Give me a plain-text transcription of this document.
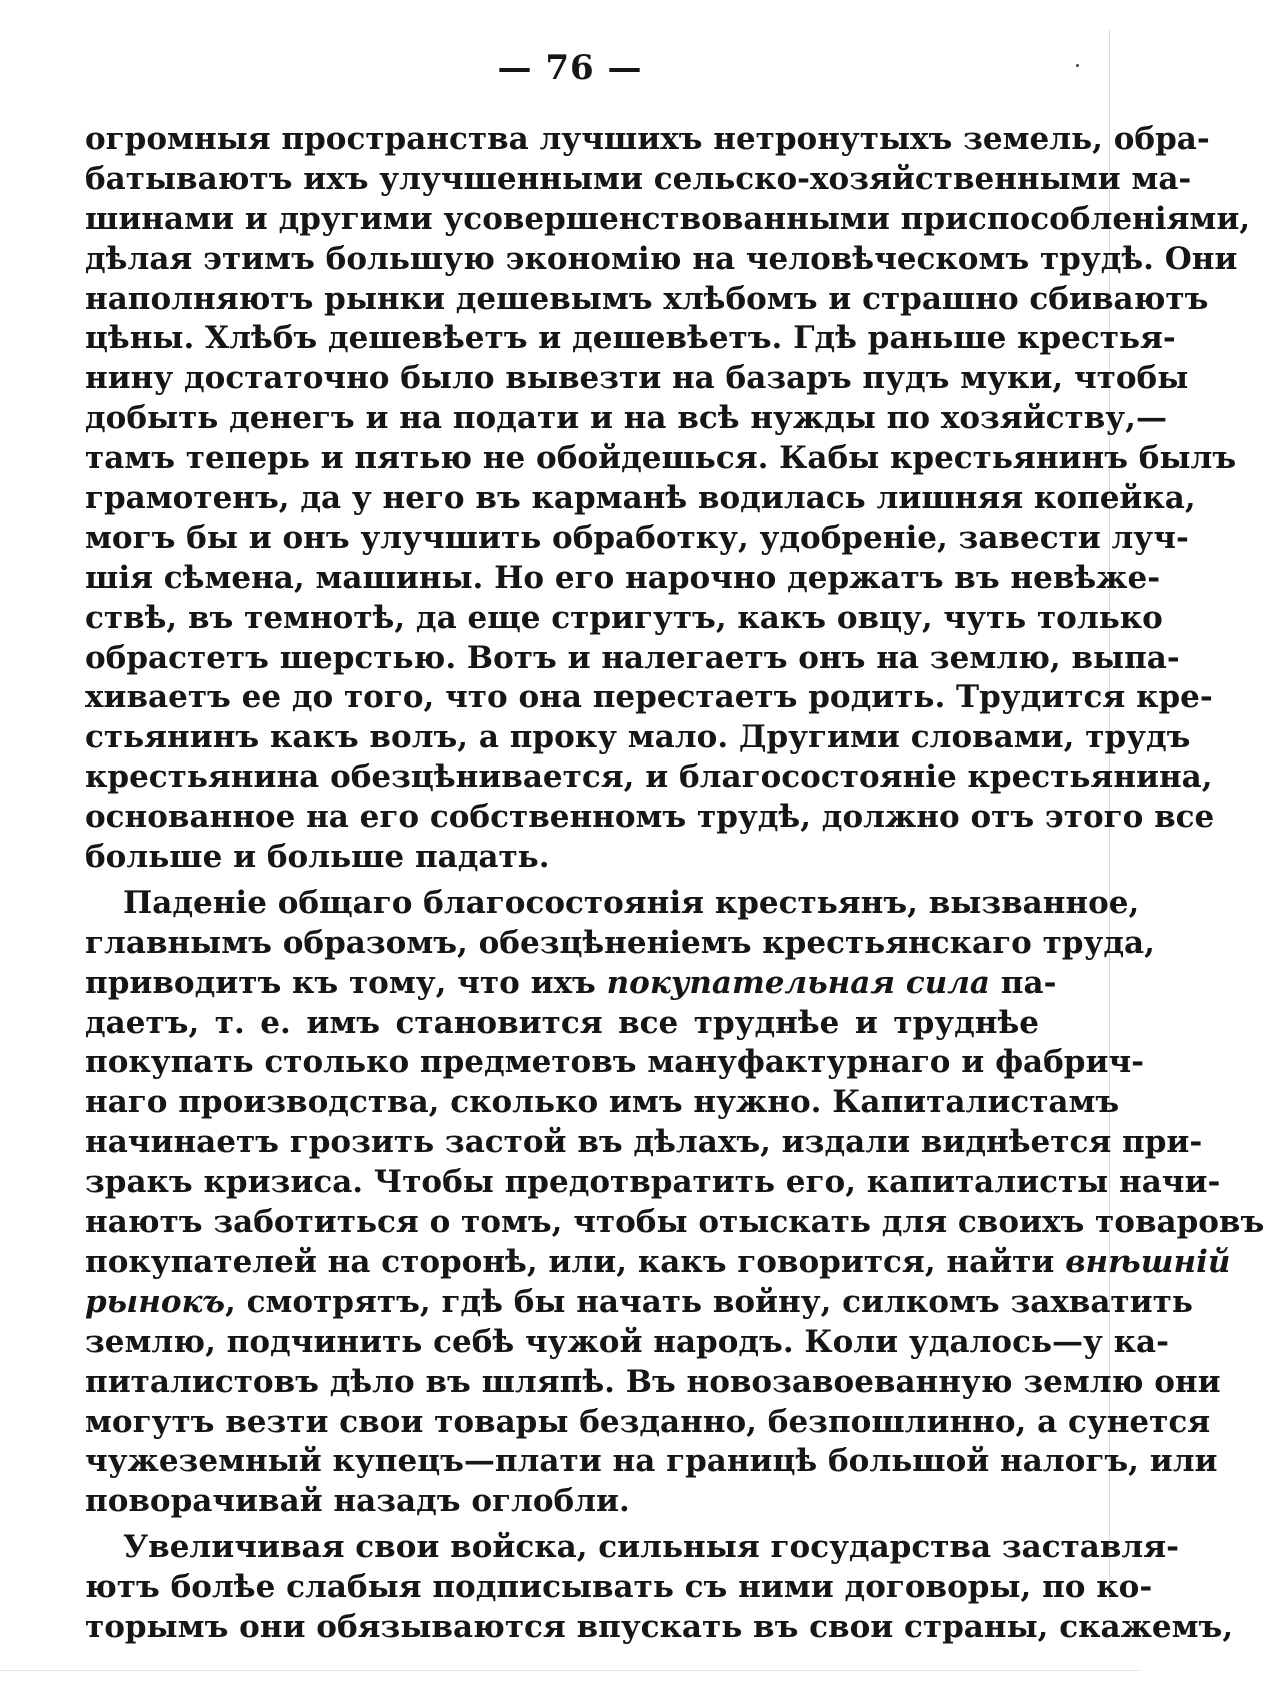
— 76 —
огромныя пространства лучшихъ нетронутыхъ земель, обра-
батываютъ ихъ улучшенными сельско-хозяйственными ма-
шинами и другими усовершенствованными приспособленіями,
дѣлая этимъ большую экономію на человѣческомъ трудѣ. Они
наполняютъ рынки дешевымъ хлѣбомъ и страшно сбиваютъ
цѣны. Хлѣбъ дешевѣетъ и дешевѣетъ. Гдѣ раньше крестья-
нину достаточно было вывезти на базаръ пудъ муки, чтобы
добыть денегъ и на подати и на всѣ нужды по хозяйству,—
тамъ теперь и пятью не обойдешься. Кабы крестьянинъ былъ
грамотенъ, да у него въ карманѣ водилась лишняя копейка,
могъ бы и онъ улучшить обработку, удобреніе, завести луч-
шія сѣмена, машины. Но его нарочно держатъ въ невѣже-
ствѣ, въ темнотѣ, да еще стригутъ, какъ овцу, чуть только
обрастетъ шерстью. Вотъ и налегаетъ онъ на землю, выпа-
хиваетъ ее до того, что она перестаетъ родить. Трудится кре-
стьянинъ какъ волъ, а проку мало. Другими словами, трудъ
крестьянина обезцѣнивается, и благосостояніе крестьянина,
основанное на его собственномъ трудѣ, должно отъ этого все
больше и больше падать.
Паденіе общаго благосостоянія крестьянъ, вызванное,
главнымъ образомъ, обезцѣненіемъ крестьянскаго труда,
приводитъ къ тому, что ихъ покупательная сила па-
даетъ, т. е. имъ становится все труднѣе и труднѣе
покупать столько предметовъ мануфактурнаго и фабрич-
наго производства, сколько имъ нужно. Капиталистамъ
начинаетъ грозить застой въ дѣлахъ, издали виднѣется при-
зракъ кризиса. Чтобы предотвратить его, капиталисты начи-
наютъ заботиться о томъ, чтобы отыскать для своихъ товаровъ
покупателей на сторонѣ, или, какъ говорится, найти внѣшній
рынокъ, смотрятъ, гдѣ бы начать войну, силкомъ захватить
землю, подчинить себѣ чужой народъ. Коли удалось—у ка-
питалистовъ дѣло въ шляпѣ. Въ новозавоеванную землю они
могутъ везти свои товары безданно, безпошлинно, а сунется
чужеземный купецъ—плати на границѣ большой налогъ, или
поворачивай назадъ оглобли.
Увеличивая свои войска, сильныя государства заставля-
ютъ болѣе слабыя подписывать съ ними договоры, по ко-
торымъ они обязываются впускать въ свои страны, скажемъ,
